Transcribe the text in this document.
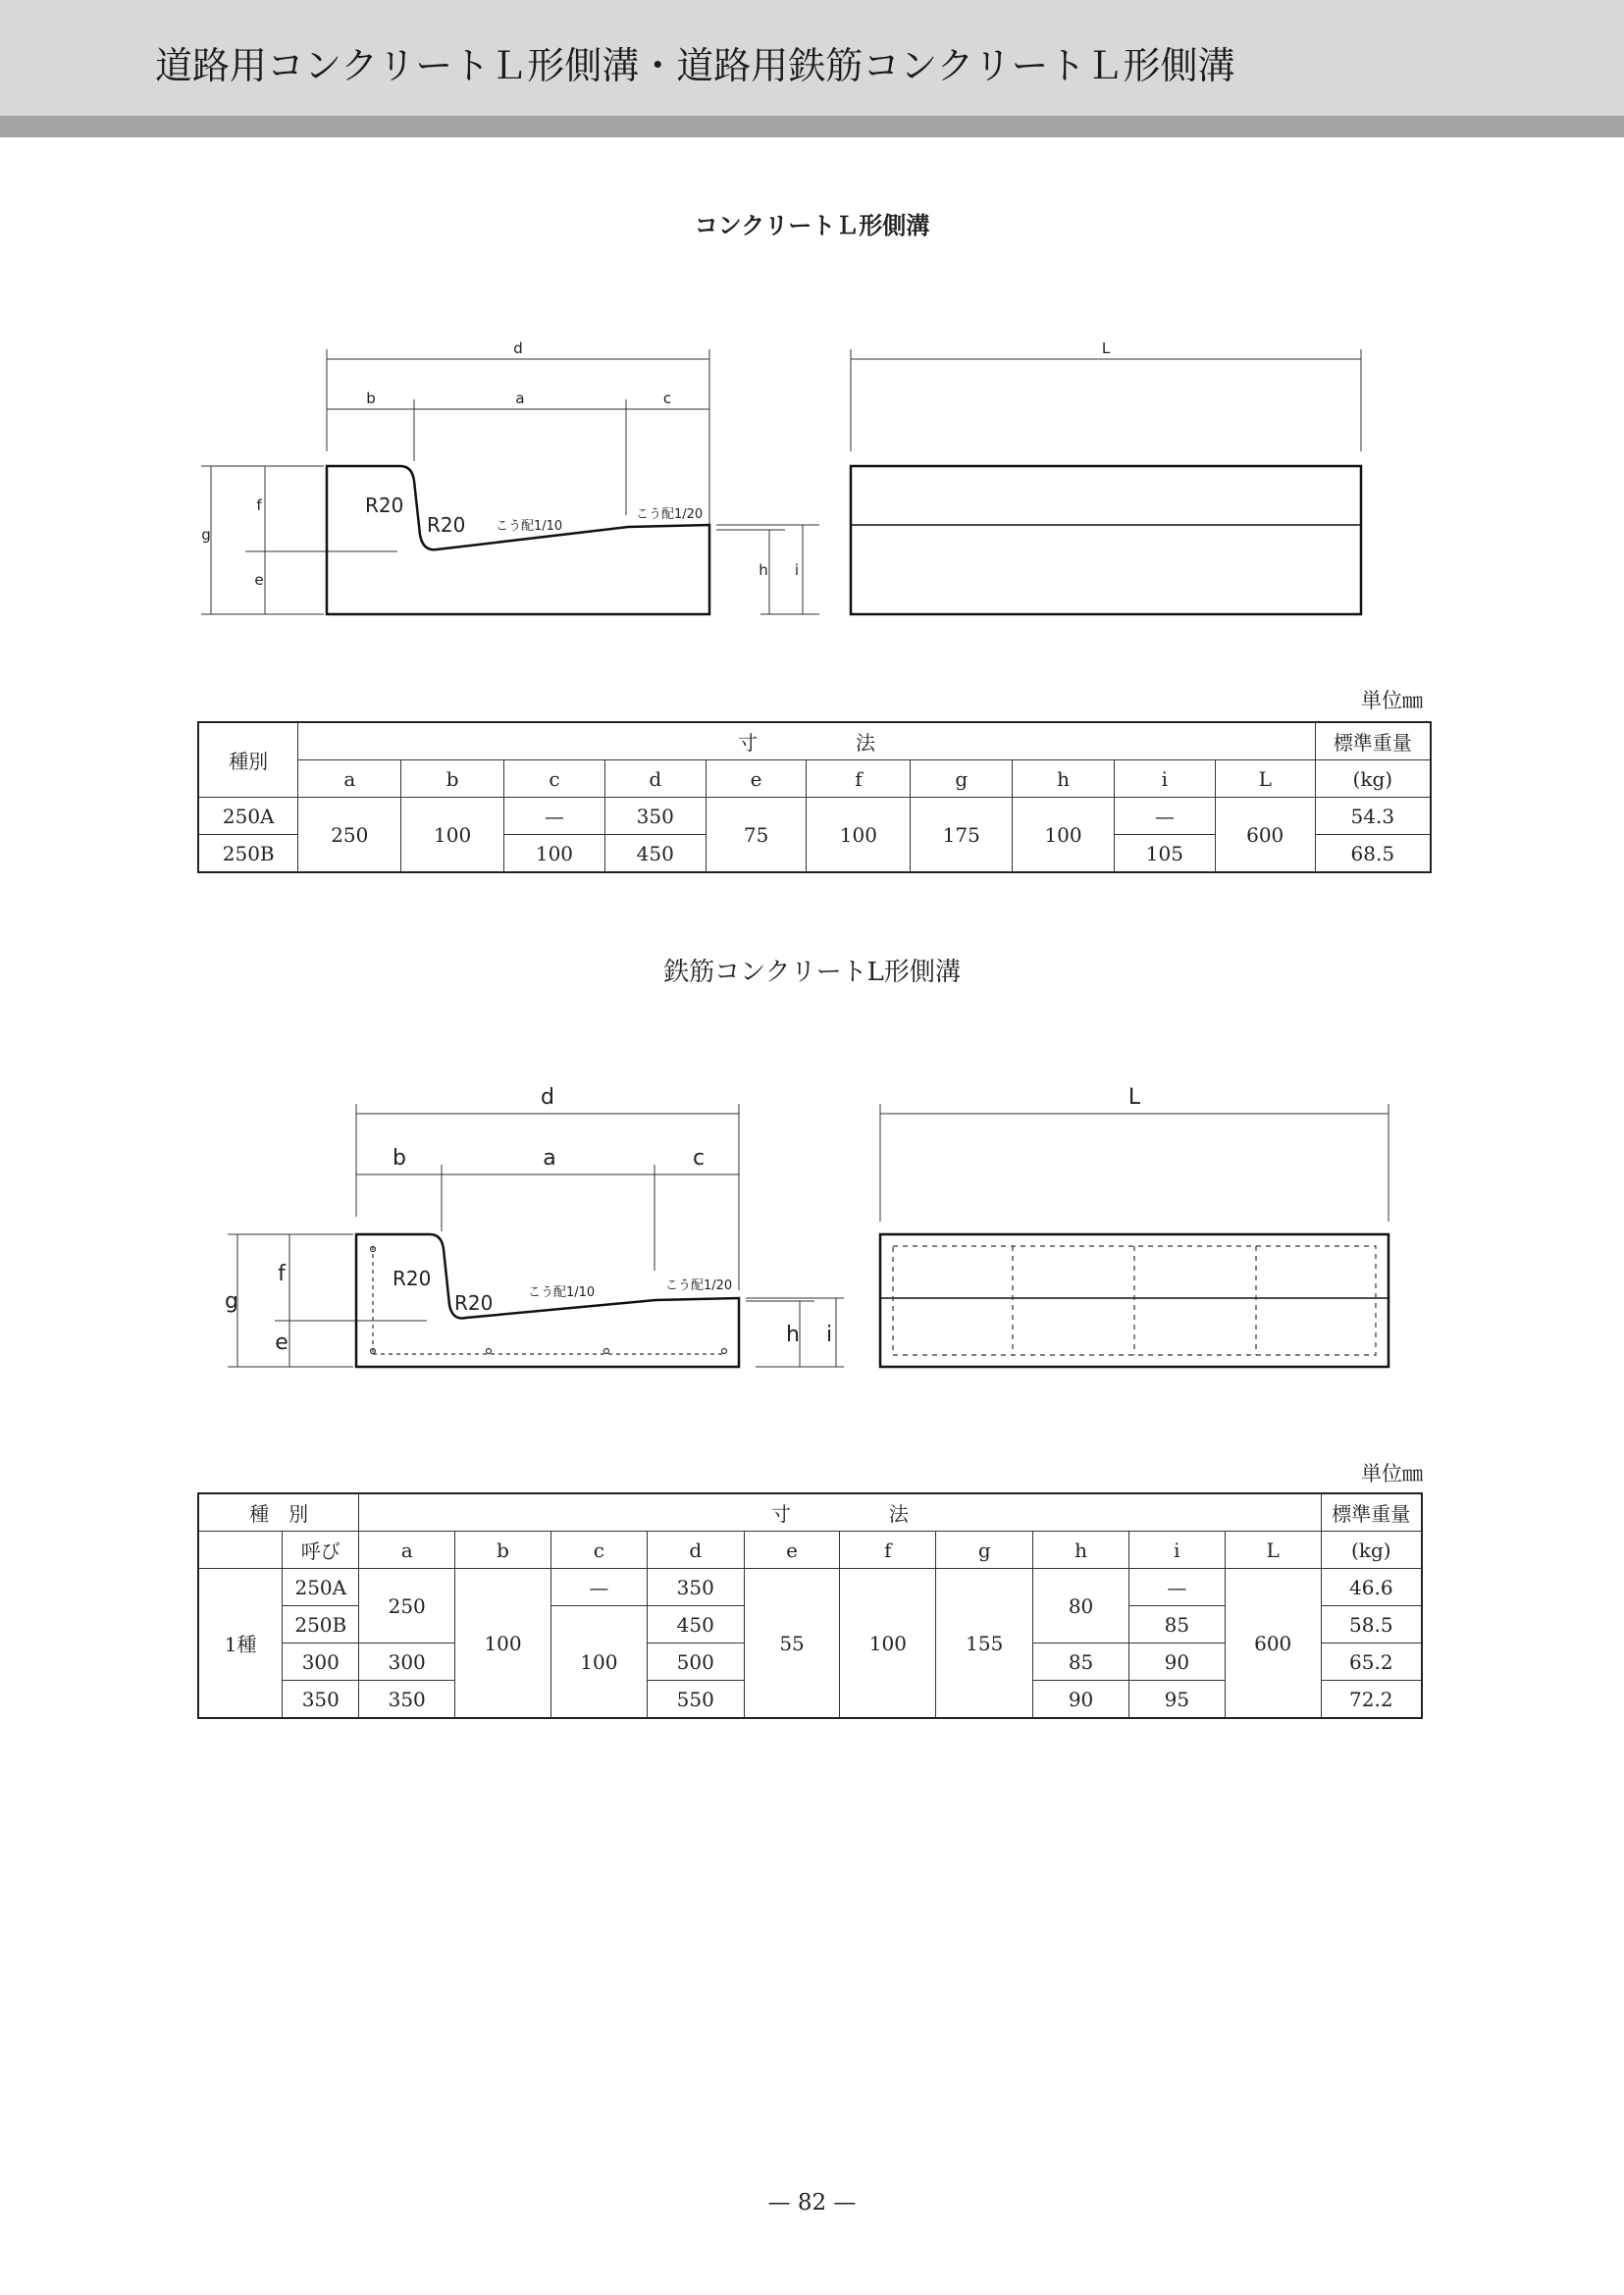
道路用コンクリートＬ形側溝・道路用鉄筋コンクリートＬ形側溝
コンクリートＬ形側溝
d
b	a	c
L
g
f
e
h i
R20
R20 こう配1/10
こう配1/20
単位㎜
種別	寸　　　　　法										標準重量
	a	b	c	d	e	f	g	h	i	L	(kg)
250A	250	100	—	350	75	100	175	100	—	600	54.3
250B			100	450					105		68.5
鉄筋コンクリートL形側溝
d
b	a	c
L
g
f
e	h i
R20
R20	こう配1/10	こう配1/20
単位㎜
種　別		寸　　　　　法										標準重量
	呼び	a	b	c	d	e	f	g	h	i	L	(kg)
1種	250A	250	100	—	350	55	100	155	80	—	600	46.6
	250B			100	450					85		58.5
	300	300			500				85	90		65.2
	350	350			550				90	95		72.2
— 82 —
